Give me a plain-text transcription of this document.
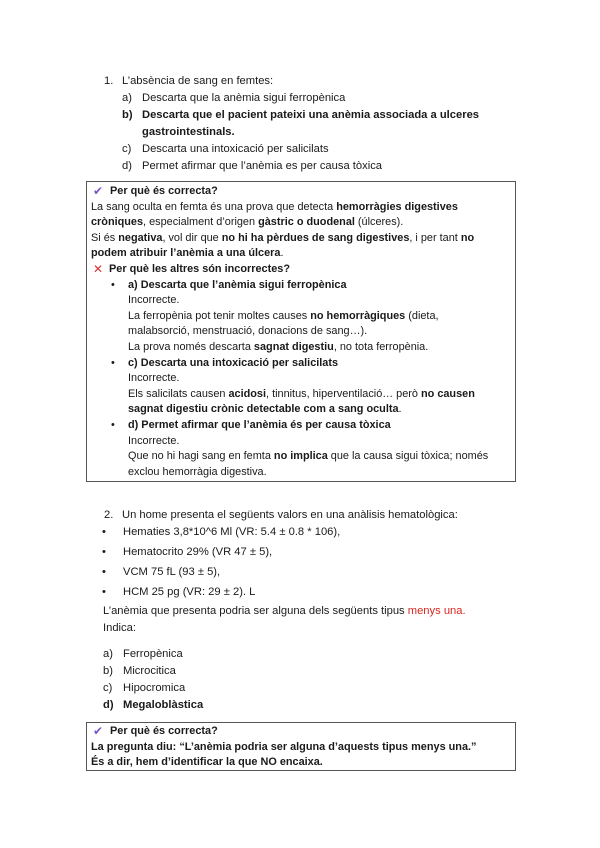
1. L’absència de sang en femtes:
a) Descarta que la anèmia sigui ferropènica
b) Descarta que el pacient pateixi una anèmia associada a ulceres
gastrointestinals.
c) Descarta una intoxicació per salicilats
d) Permet afirmar que l’anèmia es per causa tòxica
✔ Per què és correcta?
La sang oculta en femta és una prova que detecta hemorràgies digestives
cròniques, especialment d’origen gàstric o duodenal (úlceres).
Si és negativa, vol dir que no hi ha pèrdues de sang digestives, i per tant no
podem atribuir l’anèmia a una úlcera.
✕ Per què les altres són incorrectes?
• a) Descarta que l’anèmia sigui ferropènica
Incorrecte.
La ferropènia pot tenir moltes causes no hemorràgiques (dieta,
malabsorció, menstruació, donacions de sang…).
La prova només descarta sagnat digestiu, no tota ferropènia.
• c) Descarta una intoxicació per salicilats
Incorrecte.
Els salicilats causen acidosi, tinnitus, hiperventilació… però no causen
sagnat digestiu crònic detectable com a sang oculta.
• d) Permet afirmar que l’anèmia és per causa tòxica
Incorrecte.
Que no hi hagi sang en femta no implica que la causa sigui tòxica; només
exclou hemorràgia digestiva.
2. Un home presenta el següents valors en una anàlisis hematològica:
• Hematies 3,8*10^6 Ml (VR: 5.4 ± 0.8 * 106),
• Hematocrito 29% (VR 47 ± 5),
• VCM 75 fL (93 ± 5),
• HCM 25 pg (VR: 29 ± 2). L
L’anèmia que presenta podria ser alguna dels següents tipus menys una.
Indica:
a) Ferropènica
b) Microcitica
c) Hipocromica
d) Megaloblàstica
✔ Per què és correcta?
La pregunta diu: “L’anèmia podria ser alguna d’aquests tipus menys una.”
És a dir, hem d’identificar la que NO encaixa.
